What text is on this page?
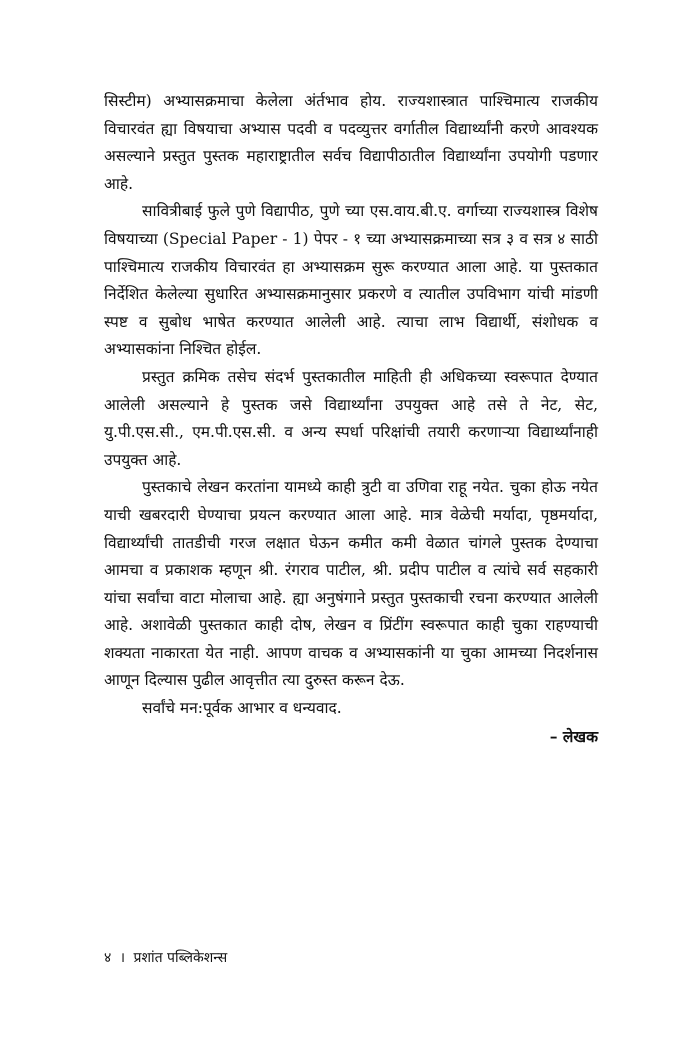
सिस्टीम) अभ्यासक्रमाचा केलेला अंर्तभाव होय. राज्यशास्त्रात पाश्चिमात्य राजकीय विचारवंत ह्या विषयाचा अभ्यास पदवी व पदव्युत्तर वर्गातील विद्यार्थ्यांनी करणे आवश्यक असल्याने प्रस्तुत पुस्तक महाराष्ट्रातील सर्वच विद्यापीठातील विद्यार्थ्यांना उपयोगी पडणार आहे.

सावित्रीबाई फुले पुणे विद्यापीठ, पुणे च्या एस.वाय.बी.ए. वर्गाच्या राज्यशास्त्र विशेष विषयाच्या (Special Paper - 1) पेपर - १ च्या अभ्यासक्रमाच्या सत्र ३ व सत्र ४ साठी पाश्चिमात्य राजकीय विचारवंत हा अभ्यासक्रम सुरू करण्यात आला आहे. या पुस्तकात निर्देशित केलेल्या सुधारित अभ्यासक्रमानुसार प्रकरणे व त्यातील उपविभाग यांची मांडणी स्पष्ट व सुबोध भाषेत करण्यात आलेली आहे. त्याचा लाभ विद्यार्थी, संशोधक व अभ्यासकांना निश्चित होईल.

प्रस्तुत क्रमिक तसेच संदर्भ पुस्तकातील माहिती ही अधिकच्या स्वरूपात देण्यात आलेली असल्याने हे पुस्तक जसे विद्यार्थ्यांना उपयुक्त आहे तसे ते नेट, सेट, यु.पी.एस.सी., एम.पी.एस.सी. व अन्य स्पर्धा परिक्षांची तयारी करणाऱ्या विद्यार्थ्यांनाही उपयुक्त आहे.

पुस्तकाचे लेखन करतांना यामध्ये काही त्रुटी वा उणिवा राहू नयेत. चुका होऊ नयेत याची खबरदारी घेण्याचा प्रयत्न करण्यात आला आहे. मात्र वेळेची मर्यादा, पृष्ठमर्यादा, विद्यार्थ्यांची तातडीची गरज लक्षात घेऊन कमीत कमी वेळात चांगले पुस्तक देण्याचा आमचा व प्रकाशक म्हणून श्री. रंगराव पाटील, श्री. प्रदीप पाटील व त्यांचे सर्व सहकारी यांचा सर्वांचा वाटा मोलाचा आहे. ह्या अनुषंगाने प्रस्तुत पुस्तकाची रचना करण्यात आलेली आहे. अशावेळी पुस्तकात काही दोष, लेखन व प्रिंटींग स्वरूपात काही चुका राहण्याची शक्यता नाकारता येत नाही. आपण वाचक व अभ्यासकांनी या चुका आमच्या निदर्शनास आणून दिल्यास पुढील आवृत्तीत त्या दुरुस्त करून देऊ.

सर्वांचे मन:पूर्वक आभार व धन्यवाद.

– लेखक

४ । प्रशांत पब्लिकेशन्स
